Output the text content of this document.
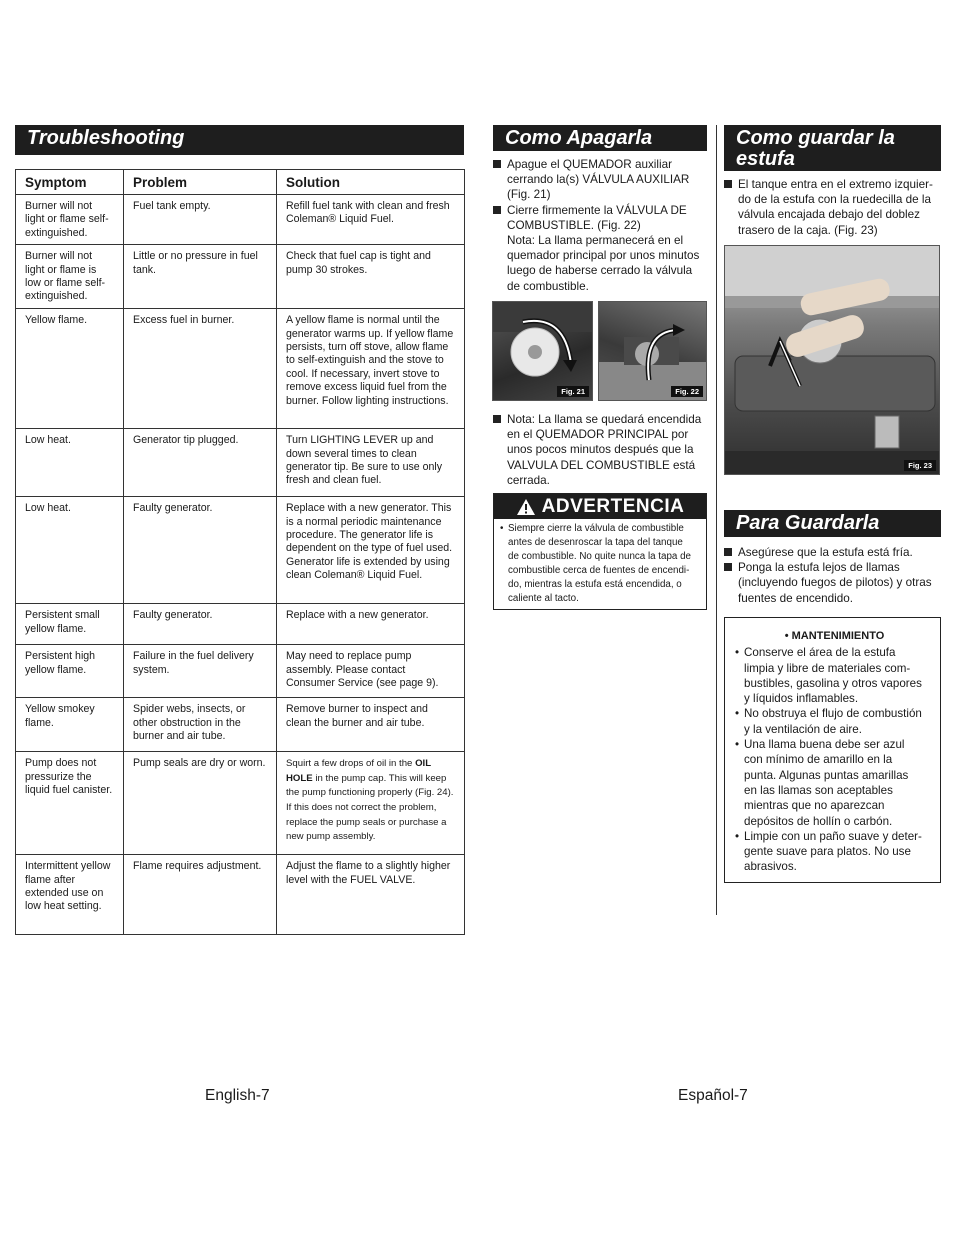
Troubleshooting
Symptom	Problem	Solution
Burner will not light or flame self-extinguished.	Fuel tank empty.	Refill fuel tank with clean and fresh Coleman® Liquid Fuel.
Burner will not light or flame is low or flame self-extinguished.	Little or no pressure in fuel tank.	Check that fuel cap is tight and pump 30 strokes.
Yellow flame.	Excess fuel in burner.	A yellow flame is normal until the generator warms up. If yellow flame persists, turn off stove, allow flame to self-extinguish and the stove to cool. If necessary, invert stove to remove excess liquid fuel from the burner. Follow lighting instructions.
Low heat.	Generator tip plugged.	Turn LIGHTING LEVER up and down several times to clean generator tip. Be sure to use only fresh and clean fuel.
Low heat.	Faulty generator.	Replace with a new generator. This is a normal periodic maintenance procedure. The generator life is dependent on the type of fuel used. Generator life is extended by using clean Coleman® Liquid Fuel.
Persistent small yellow flame.	Faulty generator.	Replace with a new generator.
Persistent high yellow flame.	Failure in the fuel delivery system.	May need to replace pump assembly. Please contact Consumer Service (see page 9).
Yellow smokey flame.	Spider webs, insects, or other obstruction in the burner and air tube.	Remove burner to inspect and clean the burner and air tube.
Pump does not pressurize the liquid fuel canister.	Pump seals are dry or worn.	Squirt a few drops of oil in the OIL HOLE in the pump cap. This will keep the pump functioning properly (Fig. 24). If this does not correct the problem, replace the pump seals or purchase a new pump assembly.
Intermittent yellow flame after extended use on low heat setting.	Flame requires adjustment.	Adjust the flame to a slightly higher level with the FUEL VALVE.
Como Apagarla
Apague el QUEMADOR auxiliar
cerrando la(s) VÁLVULA AUXILIAR
(Fig. 21)
Cierre firmemente la VÁLVULA DE
COMBUSTIBLE. (Fig. 22)
Nota: La llama permanecerá en el
quemador principal por unos minutos
luego de haberse cerrado la válvula
de combustible.
Fig. 21	Fig. 22
Nota: La llama se quedará encendida
en el QUEMADOR PRINCIPAL por
unos pocos minutos después que la
VALVULA DEL COMBUSTIBLE está
cerrada.
ADVERTENCIA
• Siempre cierre la válvula de combustible
antes de desenroscar la tapa del tanque
de combustible. No quite nunca la tapa de
combustible cerca de fuentes de encendi-
do, mientras la estufa está encendida, o
caliente al tacto.
Como guardar la
estufa
El tanque entra en el extremo izquier-
do de la estufa con la ruedecilla de la
válvula encajada debajo del doblez
trasero de la caja. (Fig. 23)
Fig. 23
Para Guardarla
Asegúrese que la estufa está fría.
Ponga la estufa lejos de llamas
(incluyendo fuegos de pilotos) y otras
fuentes de encendido.
• MANTENIMIENTO
• Conserve el área de la estufa
limpia y libre de materiales com-
bustibles, gasolina y otros vapores
y líquidos inflamables.
• No obstruya el flujo de combustión
y la ventilación de aire.
• Una llama buena debe ser azul
con mínimo de amarillo en la
punta. Algunas puntas amarillas
en las llamas son aceptables
mientras que no aparezcan
depósitos de hollín o carbón.
• Limpie con un paño suave y deter-
gente suave para platos. No use
abrasivos.
English-7	Español-7
